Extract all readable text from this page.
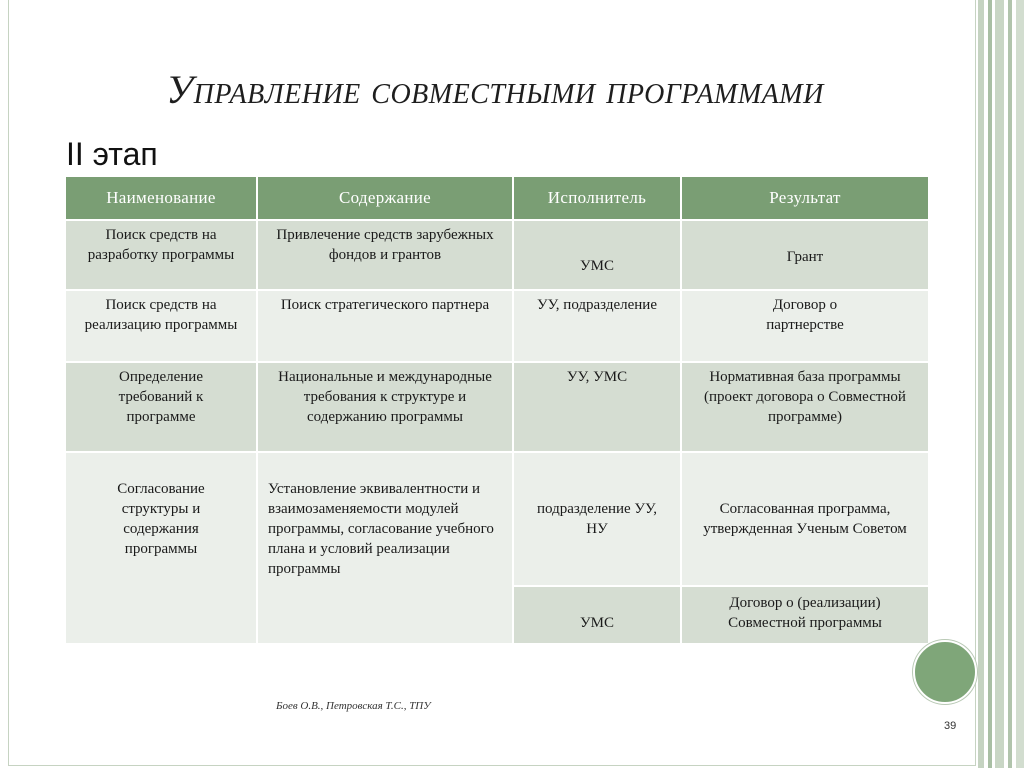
Управление совместными программами
II этап
Наименование	Содержание	Исполнитель	Результат
Поиск средств на разработку программы	Привлечение средств зарубежных фондов и грантов	УМС	Грант
Поиск средств на реализацию программы	Поиск стратегического партнера	УУ, подразделение	Договор о партнерстве
Определение требований к программе	Национальные и международные требования к структуре и содержанию программы	УУ, УМС	Нормативная база программы (проект договора о Совместной программе)
Согласование структуры и содержания программы	Установление эквивалентности и взаимозаменяемости модулей программы, согласование учебного плана и условий реализации программы	подразделение УУ, НУ	Согласованная программа, утвержденная Ученым Советом
		УМС	Договор о (реализации) Совместной программы
Боев О.В., Петровская Т.С., ТПУ
39
